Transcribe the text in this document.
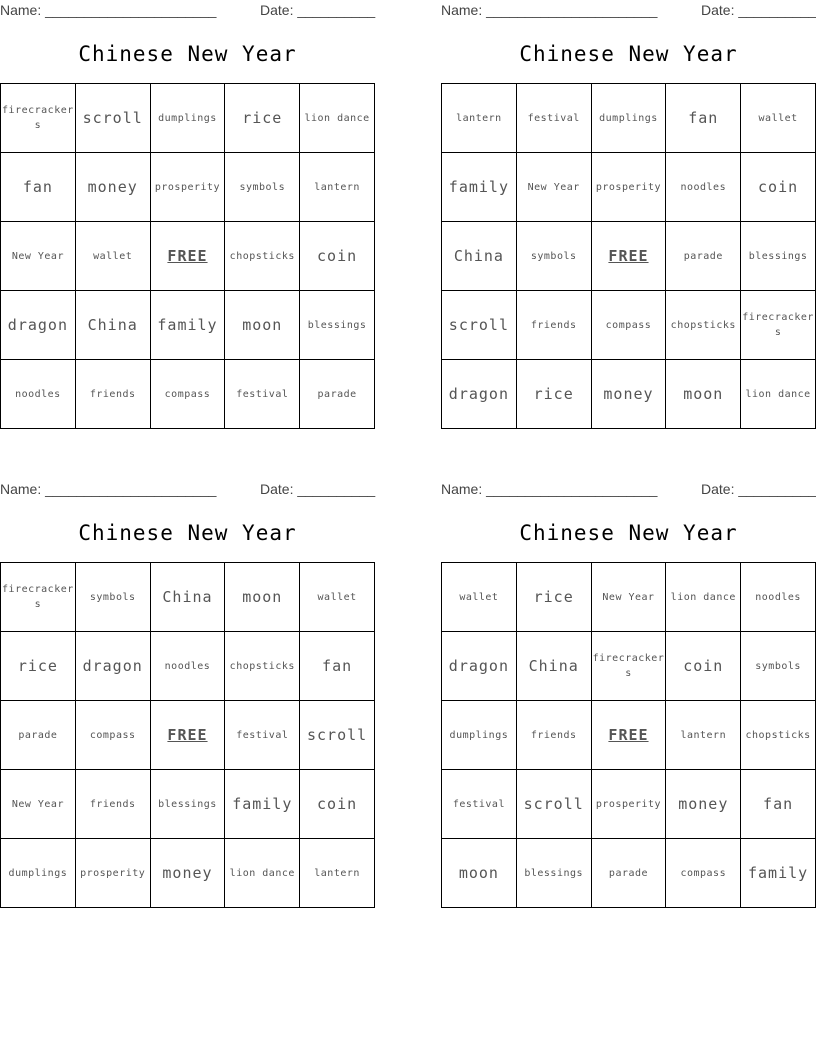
Name: ______________________	Date: __________
Chinese New Year
firecrackers	scroll	dumplings	rice	lion dance
fan	money	prosperity	symbols	lantern
New Year	wallet	FREE	chopsticks	coin
dragon	China	family	moon	blessings
noodles	friends	compass	festival	parade
Name: ______________________	Date: __________
Chinese New Year
lantern	festival	dumplings	fan	wallet
family	New Year	prosperity	noodles	coin
China	symbols	FREE	parade	blessings
scroll	friends	compass	chopsticks	firecrackers
dragon	rice	money	moon	lion dance
Name: ______________________	Date: __________
Chinese New Year
firecrackers	symbols	China	moon	wallet
rice	dragon	noodles	chopsticks	fan
parade	compass	FREE	festival	scroll
New Year	friends	blessings	family	coin
dumplings	prosperity	money	lion dance	lantern
Name: ______________________	Date: __________
Chinese New Year
wallet	rice	New Year	lion dance	noodles
dragon	China	firecrackers	coin	symbols
dumplings	friends	FREE	lantern	chopsticks
festival	scroll	prosperity	money	fan
moon	blessings	parade	compass	family
